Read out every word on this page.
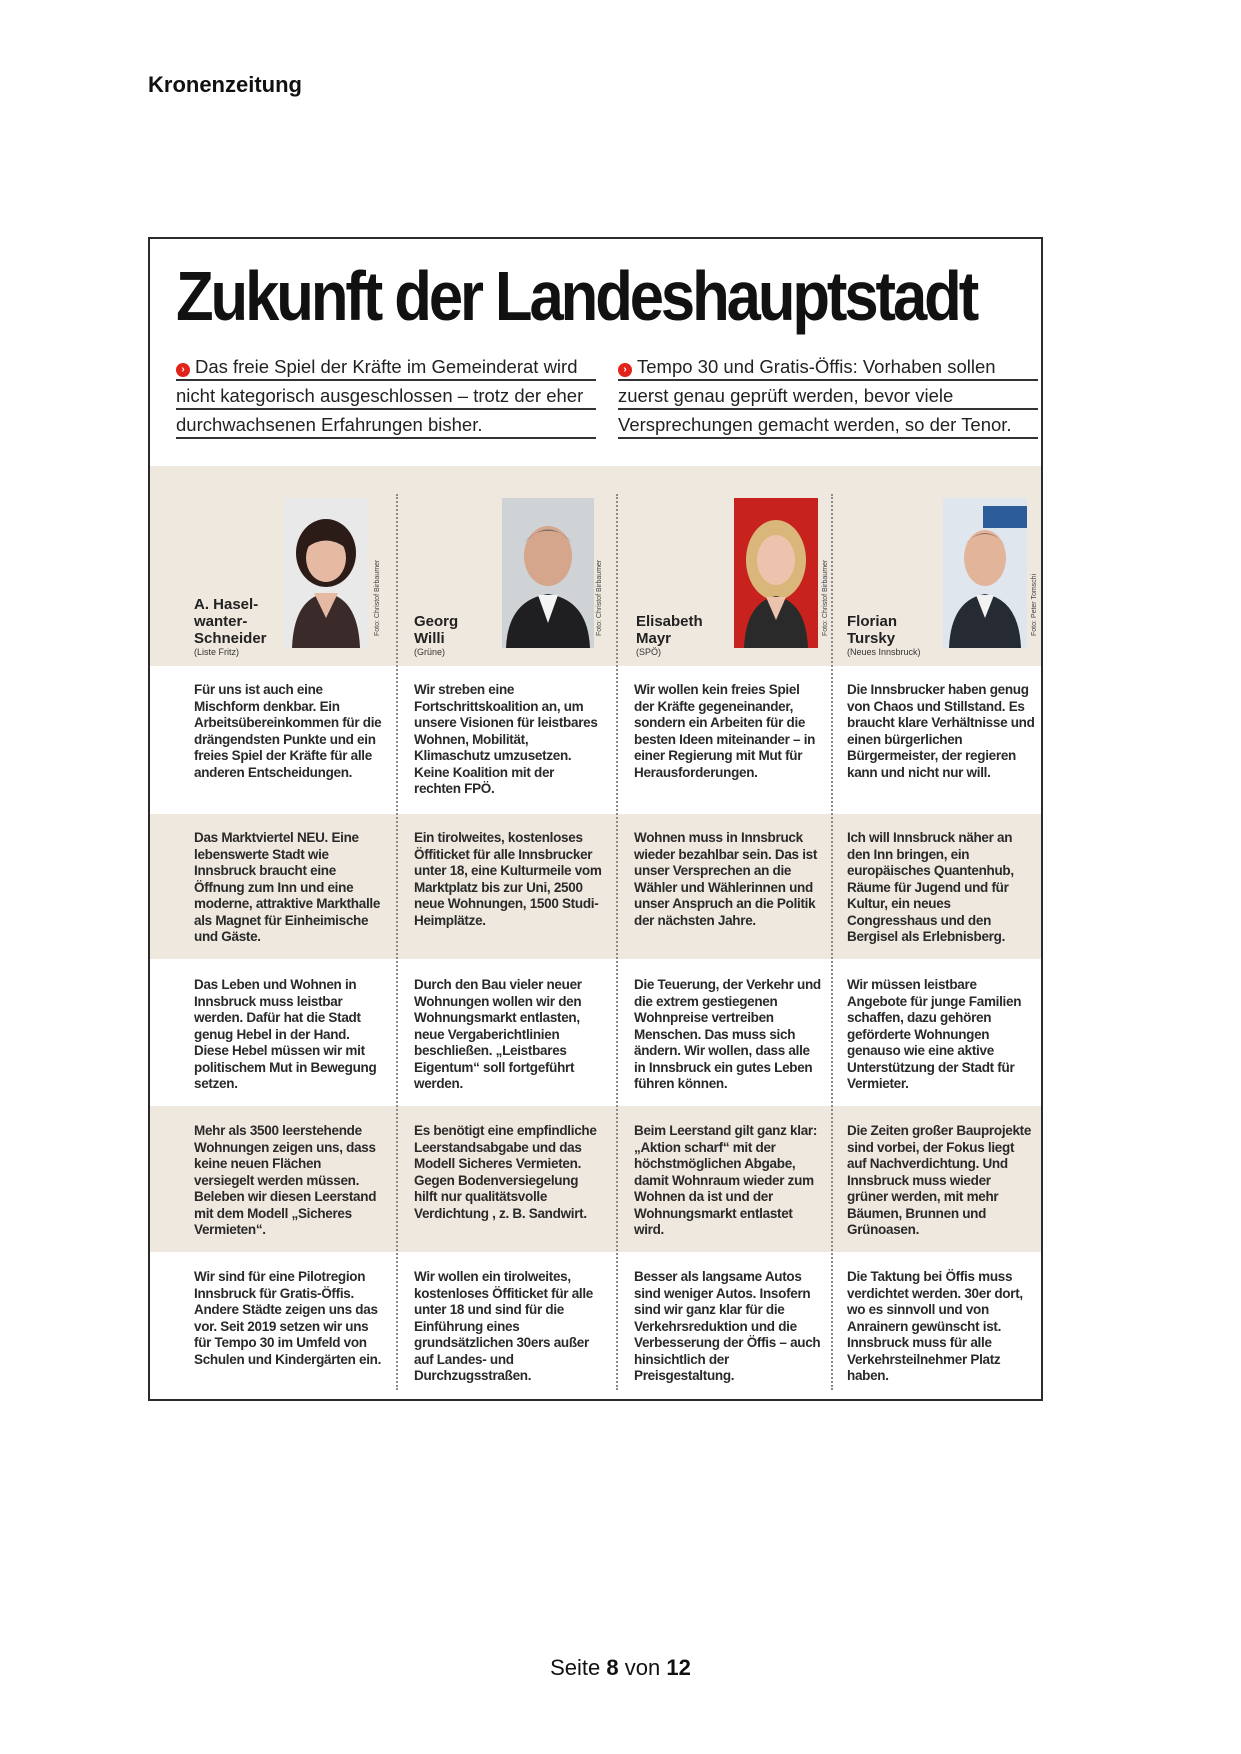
Kronenzeitung
Zukunft der Landeshauptstadt
› Das freie Spiel der Kräfte im Gemeinderat wird
nicht kategorisch ausgeschlossen – trotz der eher
durchwachsenen Erfahrungen bisher.
› Tempo 30 und Gratis-Öffis: Vorhaben sollen
zuerst genau geprüft werden, bevor viele
Versprechungen gemacht werden, so der Tenor.
A. Hasel-
wanter-
Schneider
(Liste Fritz)
Foto: Christof Birbaumer Georg
Willi
(Grüne)
Foto: Christof Birbaumer Elisabeth
Mayr
(SPÖ)
Foto: Christof Birbaumer Florian
Tursky
(Neues Innsbruck)
Foto: Peter Tomschi
Für uns ist auch eine Mischform denkbar. Ein Arbeitsübereinkommen für die drängendsten Punkte und ein freies Spiel der Kräfte für alle anderen Entscheidungen.
Das Marktviertel NEU. Eine lebenswerte Stadt wie Innsbruck braucht eine Öffnung zum Inn und eine moderne, attraktive Markthalle als Magnet für Einheimische und Gäste.
Das Leben und Wohnen in Innsbruck muss leistbar werden. Dafür hat die Stadt genug Hebel in der Hand. Diese Hebel müssen wir mit politischem Mut in Bewegung setzen.
Mehr als 3500 leerstehende Wohnungen zeigen uns, dass keine neuen Flächen versiegelt werden müssen. Beleben wir diesen Leerstand mit dem Modell „Sicheres Vermieten“.
Wir sind für eine Pilotregion Innsbruck für Gratis-Öffis. Andere Städte zeigen uns das vor. Seit 2019 setzen wir uns für Tempo 30 im Umfeld von Schulen und Kindergärten ein.
Wir streben eine Fortschrittskoalition an, um unsere Visionen für leistbares Wohnen, Mobilität, Klimaschutz umzusetzen. Keine Koalition mit der rechten FPÖ.
Ein tirolweites, kostenloses Öffiticket für alle Innsbrucker unter 18, eine Kulturmeile vom Marktplatz bis zur Uni, 2500 neue Wohnungen, 1500 Studi-Heimplätze.
Durch den Bau vieler neuer Wohnungen wollen wir den Wohnungsmarkt entlasten, neue Vergaberichtlinien beschließen. „Leistbares Eigentum“ soll fortgeführt werden.
Es benötigt eine empfindliche Leerstandsabgabe und das Modell Sicheres Vermieten. Gegen Bodenversiegelung hilft nur qualitätsvolle Verdichtung , z. B. Sandwirt.
Wir wollen ein tirolweites, kostenloses Öffiticket für alle unter 18 und sind für die Einführung eines grundsätzlichen 30ers außer auf Landes- und Durchzugsstraßen.
Wir wollen kein freies Spiel der Kräfte gegeneinander, sondern ein Arbeiten für die besten Ideen miteinander – in einer Regierung mit Mut für Herausforderungen.
Wohnen muss in Innsbruck wieder bezahlbar sein. Das ist unser Versprechen an die Wähler und Wählerinnen und unser Anspruch an die Politik der nächsten Jahre.
Die Teuerung, der Verkehr und die extrem gestiegenen Wohnpreise vertreiben Menschen. Das muss sich ändern. Wir wollen, dass alle in Innsbruck ein gutes Leben führen können.
Beim Leerstand gilt ganz klar: „Aktion scharf“ mit der höchstmöglichen Abgabe, damit Wohnraum wieder zum Wohnen da ist und der Wohnungsmarkt entlastet wird.
Besser als langsame Autos sind weniger Autos. Insofern sind wir ganz klar für die Verkehrsreduktion und die Verbesserung der Öffis – auch hinsichtlich der Preisgestaltung.
Die Innsbrucker haben genug von Chaos und Stillstand. Es braucht klare Verhältnisse und einen bürgerlichen Bürgermeister, der regieren kann und nicht nur will.
Ich will Innsbruck näher an den Inn bringen, ein europäisches Quantenhub, Räume für Jugend und für Kultur, ein neues Congresshaus und den Bergisel als Erlebnisberg.
Wir müssen leistbare Angebote für junge Familien schaffen, dazu gehören geförderte Wohnungen genauso wie eine aktive Unterstützung der Stadt für Vermieter.
Die Zeiten großer Bauprojekte sind vorbei, der Fokus liegt auf Nachverdichtung. Und Innsbruck muss wieder grüner werden, mit mehr Bäumen, Brunnen und Grünoasen.
Die Taktung bei Öffis muss verdichtet werden. 30er dort, wo es sinnvoll und von Anrainern gewünscht ist. Innsbruck muss für alle Verkehrsteilnehmer Platz haben.
Seite 8 von 12
